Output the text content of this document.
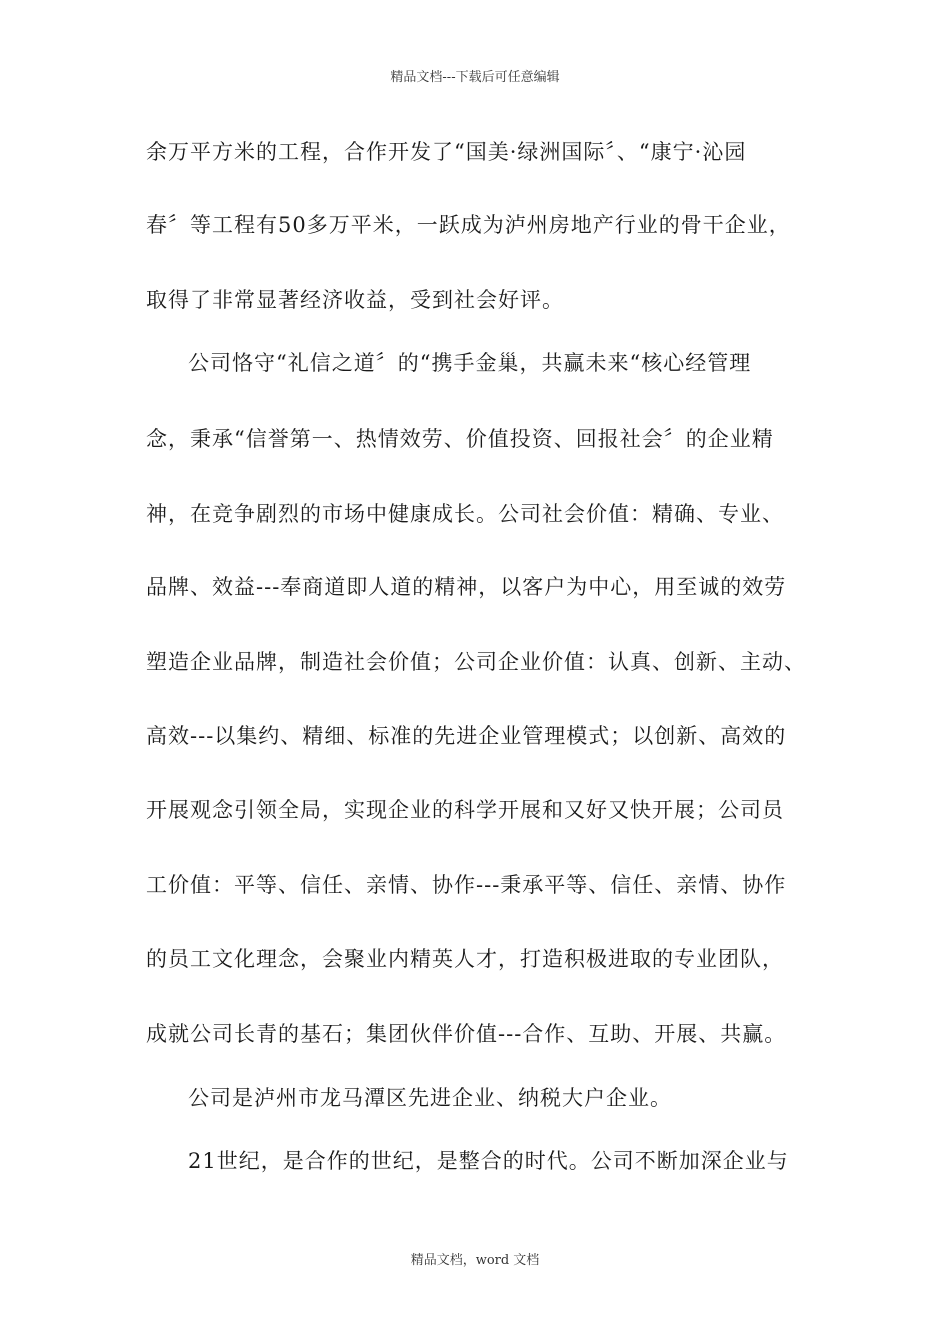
精品文档---下载后可任意编辑
余万平方米的工程，合作开发了“国美·绿洲国际〞、“康宁·沁园
春〞等工程有50多万平米，一跃成为泸州房地产行业的骨干企业，
取得了非常显著经济收益，受到社会好评。
公司恪守“礼信之道〞的“携手金巢，共赢未来“核心经管理
念，秉承“信誉第一、热情效劳、价值投资、回报社会〞的企业精
神，在竞争剧烈的市场中健康成长。公司社会价值：精确、专业、
品牌、效益---奉商道即人道的精神，以客户为中心，用至诚的效劳
塑造企业品牌，制造社会价值；公司企业价值：认真、创新、主动、
高效---以集约、精细、标准的先进企业管理模式；以创新、高效的
开展观念引领全局，实现企业的科学开展和又好又快开展；公司员
工价值：平等、信任、亲情、协作---秉承平等、信任、亲情、协作
的员工文化理念，会聚业内精英人才，打造积极进取的专业团队，
成就公司长青的基石；集团伙伴价值---合作、互助、开展、共赢。
公司是泸州市龙马潭区先进企业、纳税大户企业。
21世纪，是合作的世纪，是整合的时代。公司不断加深企业与
精品文档，word 文档
